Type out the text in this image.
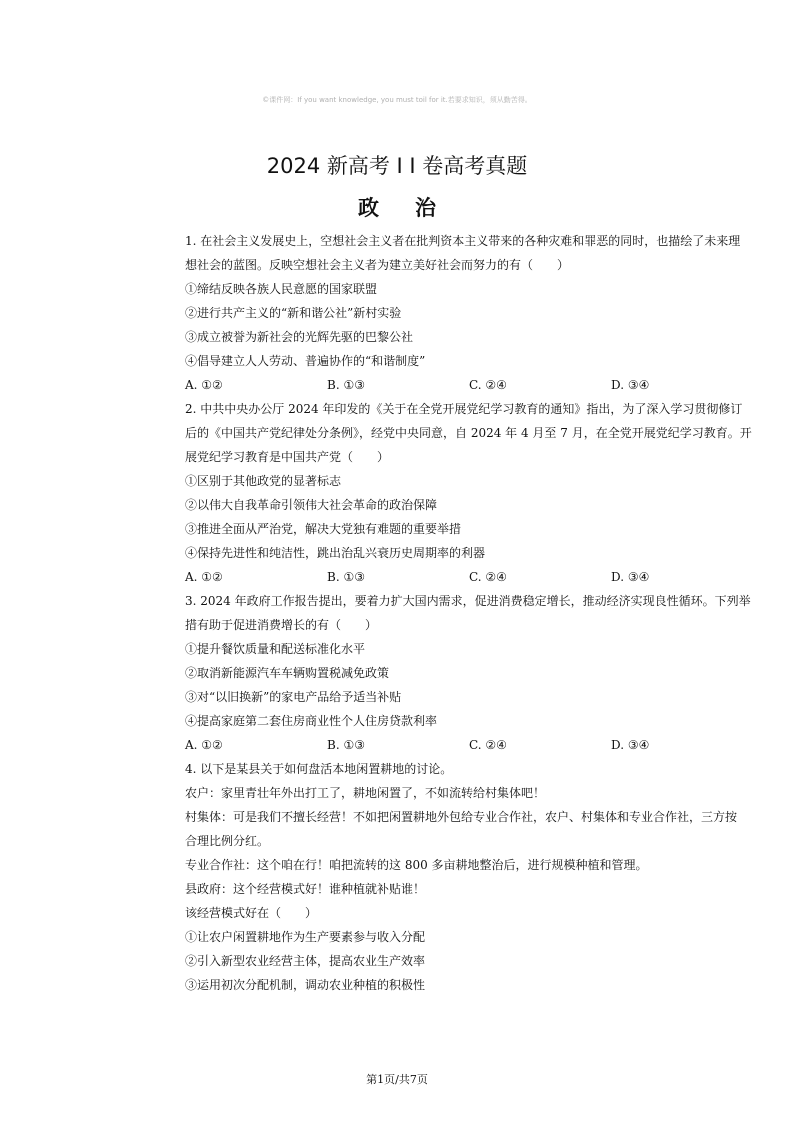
©课件网：If you want knowledge, you must toil for it.若要求知识，须从勤苦得。
2024 新高考 I I 卷高考真题
政治
1. 在社会主义发展史上，空想社会主义者在批判资本主义带来的各种灾难和罪恶的同时，也描绘了未来理
想社会的蓝图。反映空想社会主义者为建立美好社会而努力的有（　　）
①缔结反映各族人民意愿的国家联盟
②进行共产主义的“新和谐公社”新村实验
③成立被誉为新社会的光辉先驱的巴黎公社
④倡导建立人人劳动、普遍协作的“和谐制度”
A. ①②	B. ①③	C. ②④	D. ③④
2. 中共中央办公厅 2024 年印发的《关于在全党开展党纪学习教育的通知》指出，为了深入学习贯彻修订
后的《中国共产党纪律处分条例》，经党中央同意，自 2024 年 4 月至 7 月，在全党开展党纪学习教育。开
展党纪学习教育是中国共产党（　　）
①区别于其他政党的显著标志
②以伟大自我革命引领伟大社会革命的政治保障
③推进全面从严治党，解决大党独有难题的重要举措
④保持先进性和纯洁性，跳出治乱兴衰历史周期率的利器
A. ①②	B. ①③	C. ②④	D. ③④
3. 2024 年政府工作报告提出，要着力扩大国内需求，促进消费稳定增长，推动经济实现良性循环。下列举
措有助于促进消费增长的有（　　）
①提升餐饮质量和配送标准化水平
②取消新能源汽车车辆购置税减免政策
③对“以旧换新”的家电产品给予适当补贴
④提高家庭第二套住房商业性个人住房贷款利率
A. ①②	B. ①③	C. ②④	D. ③④
4. 以下是某县关于如何盘活本地闲置耕地的讨论。
农户：家里青壮年外出打工了，耕地闲置了，不如流转给村集体吧！
村集体：可是我们不擅长经营！不如把闲置耕地外包给专业合作社，农户、村集体和专业合作社，三方按
合理比例分红。
专业合作社：这个咱在行！咱把流转的这 800 多亩耕地整治后，进行规模种植和管理。
县政府：这个经营模式好！谁种植就补贴谁！
该经营模式好在（　　）
①让农户闲置耕地作为生产要素参与收入分配
②引入新型农业经营主体，提高农业生产效率
③运用初次分配机制，调动农业种植的积极性
第1页/共7页
